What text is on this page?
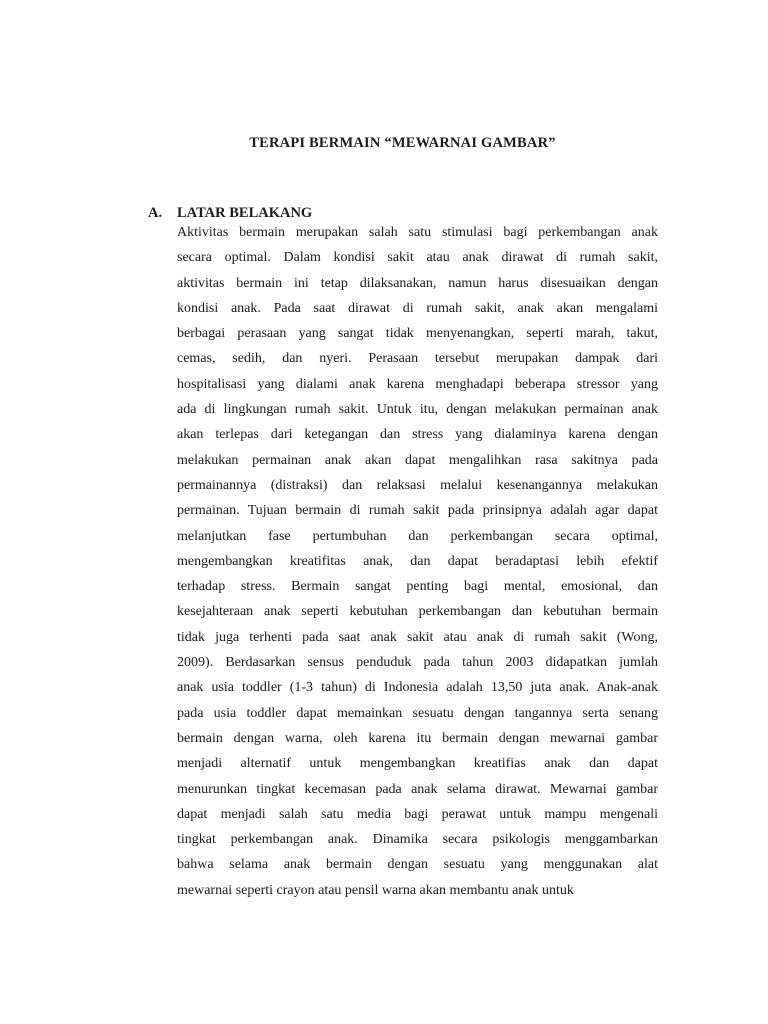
TERAPI BERMAIN “MEWARNAI GAMBAR”
A. LATAR BELAKANG
Aktivitas bermain merupakan salah satu stimulasi bagi perkembangan anak
secara optimal. Dalam kondisi sakit atau anak dirawat di rumah sakit,
aktivitas bermain ini tetap dilaksanakan, namun harus disesuaikan dengan
kondisi anak. Pada saat dirawat di rumah sakit, anak akan mengalami
berbagai perasaan yang sangat tidak menyenangkan, seperti marah, takut,
cemas, sedih, dan nyeri. Perasaan tersebut merupakan dampak dari
hospitalisasi yang dialami anak karena menghadapi beberapa stressor yang
ada di lingkungan rumah sakit. Untuk itu, dengan melakukan permainan anak
akan terlepas dari ketegangan dan stress yang dialaminya karena dengan
melakukan permainan anak akan dapat mengalihkan rasa sakitnya pada
permainannya (distraksi) dan relaksasi melalui kesenangannya melakukan
permainan. Tujuan bermain di rumah sakit pada prinsipnya adalah agar dapat
melanjutkan fase pertumbuhan dan perkembangan secara optimal,
mengembangkan kreatifitas anak, dan dapat beradaptasi lebih efektif
terhadap stress. Bermain sangat penting bagi mental, emosional, dan
kesejahteraan anak seperti kebutuhan perkembangan dan kebutuhan bermain
tidak juga terhenti pada saat anak sakit atau anak di rumah sakit (Wong,
2009). Berdasarkan sensus penduduk pada tahun 2003 didapatkan jumlah
anak usia toddler (1-3 tahun) di Indonesia adalah 13,50 juta anak. Anak-anak
pada usia toddler dapat memainkan sesuatu dengan tangannya serta senang
bermain dengan warna, oleh karena itu bermain dengan mewarnai gambar
menjadi alternatif untuk mengembangkan kreatifias anak dan dapat
menurunkan tingkat kecemasan pada anak selama dirawat. Mewarnai gambar
dapat menjadi salah satu media bagi perawat untuk mampu mengenali
tingkat perkembangan anak. Dinamika secara psikologis menggambarkan
bahwa selama anak bermain dengan sesuatu yang menggunakan alat
mewarnai seperti crayon atau pensil warna akan membantu anak untuk
